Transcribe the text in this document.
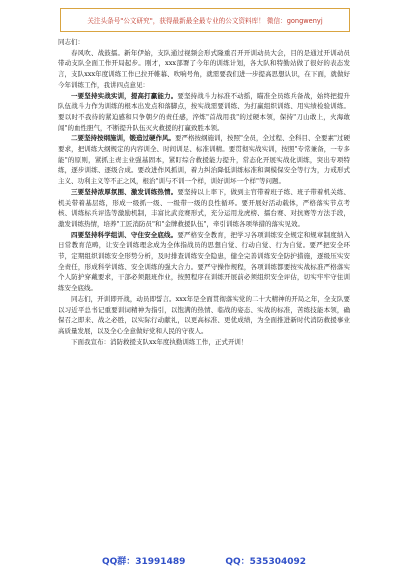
关注头条号"公文研究"，获得最新最全最专业的公文资料库！ 微信：gongwenyj

同志们：

春风吹、战鼓擂。新年伊始，支队通过视频会形式隆重召开开训动员大会，目的是通过开训动员带动支队全面工作开局起步。刚才，xxx部署了今年的训练计划，各大队和特勤站做了很好的表态发言，支队xxx年度训练工作已拉开帷幕、吹响号角，就需要我们进一步提高思想认识，在下面，就做好今年训练工作，我讲四点意见：

一要坚持实战实训，提高打赢能力。要坚持战斗力标准不动摇，瞄准全员练兵备战，始终把提升队伍战斗力作为训练的根本出发点和落脚点，按实战需要训练、为打赢组织训练、用实绩检验训练。要以时不我待的紧迫感和只争朝夕的责任感，淬炼"首战用我"的过硬本领，保持"刀山敢上，火海敢闯"的血性胆气，不断提升队伍灭火救援的打赢致胜本领。

二要坚持按纲施训，锻造过硬作风。要严格按纲施训，按照"全员，全过程、全科目、全要素"过硬要求，把训练大纲规定的内容训全、时间训足、标准训精。要贯彻实战实训，按照"专常兼备，一专多能"的原则，紧抓主责主业强基固本，紧盯综合救援能力提升，常态化开展实战化训练，突出专项特练，逐步训练、逐级合成。要改进作风抓训，着力纠治降低训练标准和调模保安全等行为，力戒形式主义、功利主义等不正之风，根治"训与不训一个样，训好训坏一个样"等问题。

三要坚持浓厚氛围、激发训练热情。要坚持以上率下，做到主官带着班子练、班子带着机关练、机关带着基层练，形成一级抓一级、一级带一级的良性循环。要开展好活动载体，严格落实节点考核、训练标兵评选等激励机制，丰富比武竞赛形式，充分运用龙虎榜、擂台赛、对抗赛等方法手段，激发训练热情，培养"工匠消防员"和"金牌救援队伍"，牵引训练各项举措的落实见效。

四要坚持科学组训、守住安全底线。要严格安全教育，把学习各项训练安全规定和规章制度纳入日常教育范畴，让安全训练理念成为全体指战员的思想自觉、行动自觉、行为自觉。要严把安全环节，定期组织训练安全形势分析，及时排查训练安全隐患，健全完善训练安全防护措施，逐级压实安全责任，形成科学训练、安全训练的强大合力。要严守操作规程，各项训练都要按实战标准严格落实个人防护穿戴要求，干部必须跟班作业，按照程序在训练开展前必须组织安全评估，切实牢牢守住训练安全底线。

同志们，开训即开战，动员即誓言。xxx年是全面贯彻落实党的二十大精神的开局之年，全支队要以习近平总书记重要训词精神为指引，以饱满的热情、临战的姿态、实战的标准，苦练技能本领，确保召之即来、战之必胜，以实际行动献礼，以更高标准、更优成绩，为全面推进新时代消防救援事业高质量发展，以及全心全意做好党和人民的守夜人。

下面我宣布：消防救援支队xx年度执勤训练工作，正式开训！

QQ群：31991489	QQ：535304092
